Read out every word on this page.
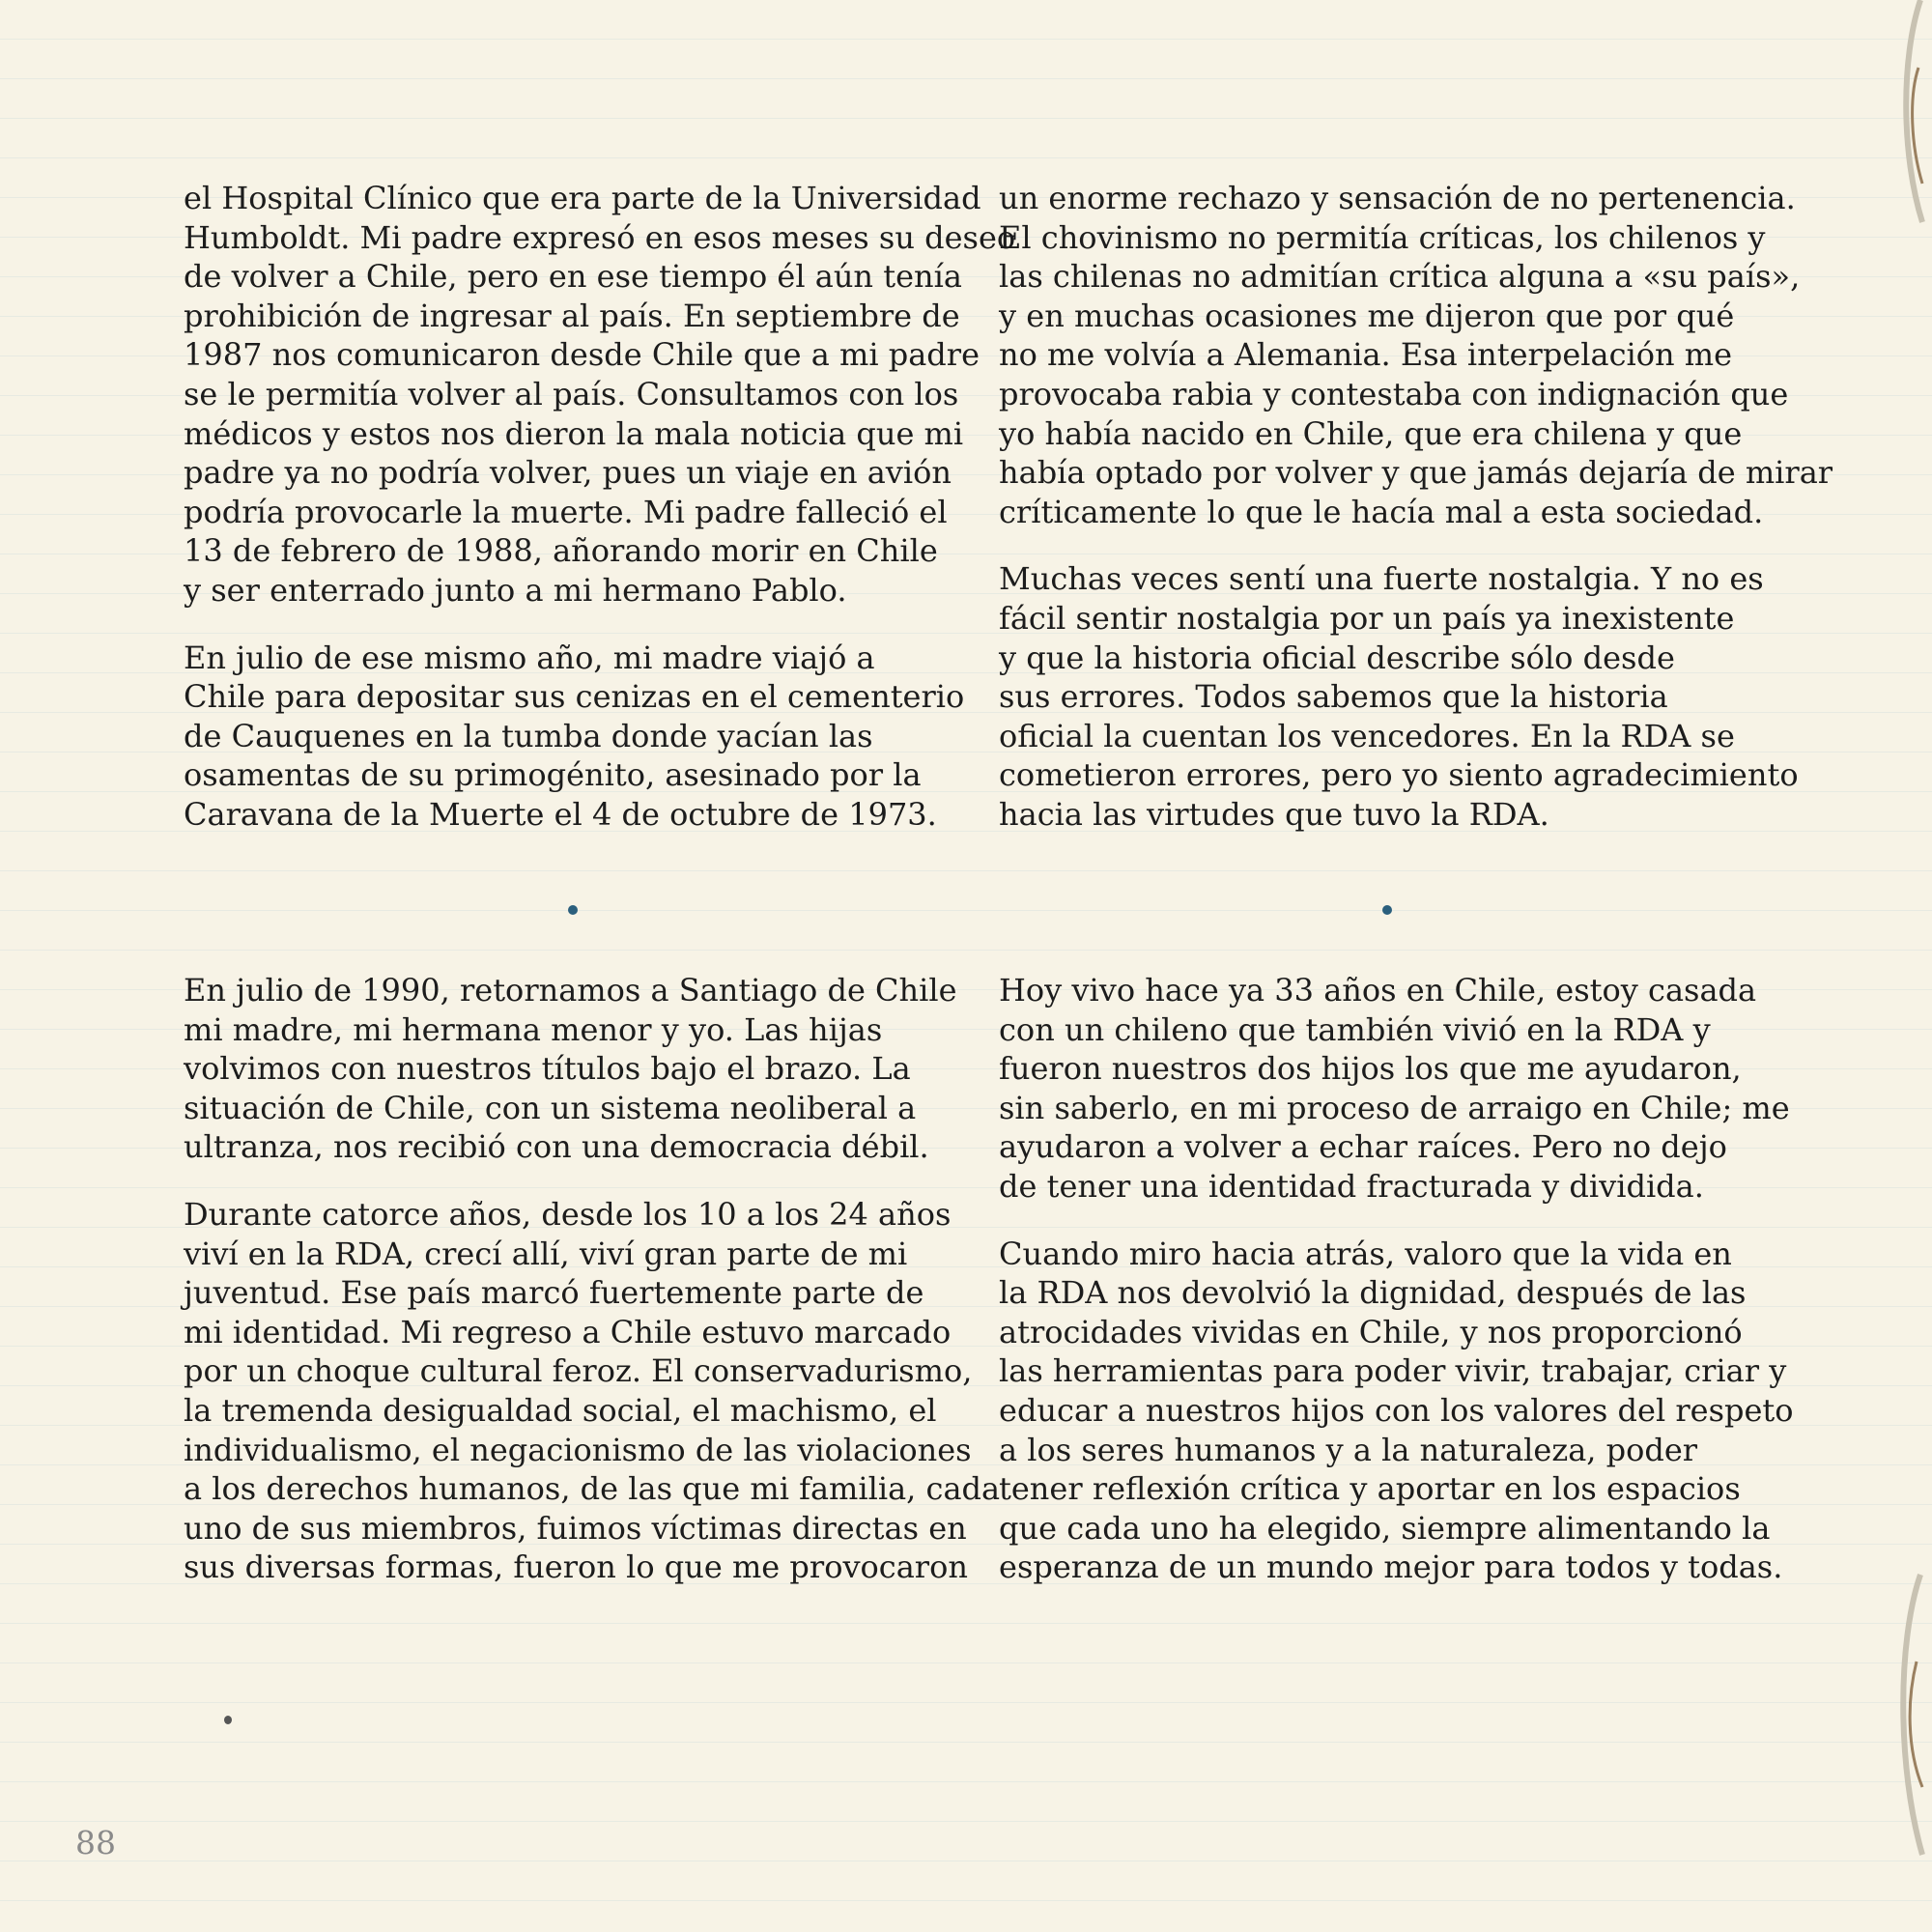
el Hospital Clínico que era parte de la Universidad
Humboldt. Mi padre expresó en esos meses su deseo
de volver a Chile, pero en ese tiempo él aún tenía
prohibición de ingresar al país. En septiembre de
1987 nos comunicaron desde Chile que a mi padre
se le permitía volver al país. Consultamos con los
médicos y estos nos dieron la mala noticia que mi
padre ya no podría volver, pues un viaje en avión
podría provocarle la muerte. Mi padre falleció el
13 de febrero de 1988, añorando morir en Chile
y ser enterrado junto a mi hermano Pablo.

En julio de ese mismo año, mi madre viajó a
Chile para depositar sus cenizas en el cementerio
de Cauquenes en la tumba donde yacían las
osamentas de su primogénito, asesinado por la
Caravana de la Muerte el 4 de octubre de 1973.

un enorme rechazo y sensación de no pertenencia.
El chovinismo no permitía críticas, los chilenos y
las chilenas no admitían crítica alguna a «su país»,
y en muchas ocasiones me dijeron que por qué
no me volvía a Alemania. Esa interpelación me
provocaba rabia y contestaba con indignación que
yo había nacido en Chile, que era chilena y que
había optado por volver y que jamás dejaría de mirar
críticamente lo que le hacía mal a esta sociedad.

Muchas veces sentí una fuerte nostalgia. Y no es
fácil sentir nostalgia por un país ya inexistente
y que la historia oficial describe sólo desde
sus errores. Todos sabemos que la historia
oficial la cuentan los vencedores. En la RDA se
cometieron errores, pero yo siento agradecimiento
hacia las virtudes que tuvo la RDA.

En julio de 1990, retornamos a Santiago de Chile
mi madre, mi hermana menor y yo. Las hijas
volvimos con nuestros títulos bajo el brazo. La
situación de Chile, con un sistema neoliberal a
ultranza, nos recibió con una democracia débil.

Durante catorce años, desde los 10 a los 24 años
viví en la RDA, crecí allí, viví gran parte de mi
juventud. Ese país marcó fuertemente parte de
mi identidad. Mi regreso a Chile estuvo marcado
por un choque cultural feroz. El conservadurismo,
la tremenda desigualdad social, el machismo, el
individualismo, el negacionismo de las violaciones
a los derechos humanos, de las que mi familia, cada
uno de sus miembros, fuimos víctimas directas en
sus diversas formas, fueron lo que me provocaron

Hoy vivo hace ya 33 años en Chile, estoy casada
con un chileno que también vivió en la RDA y
fueron nuestros dos hijos los que me ayudaron,
sin saberlo, en mi proceso de arraigo en Chile; me
ayudaron a volver a echar raíces. Pero no dejo
de tener una identidad fracturada y dividida.

Cuando miro hacia atrás, valoro que la vida en
la RDA nos devolvió la dignidad, después de las
atrocidades vividas en Chile, y nos proporcionó
las herramientas para poder vivir, trabajar, criar y
educar a nuestros hijos con los valores del respeto
a los seres humanos y a la naturaleza, poder
tener reflexión crítica y aportar en los espacios
que cada uno ha elegido, siempre alimentando la
esperanza de un mundo mejor para todos y todas.

88
